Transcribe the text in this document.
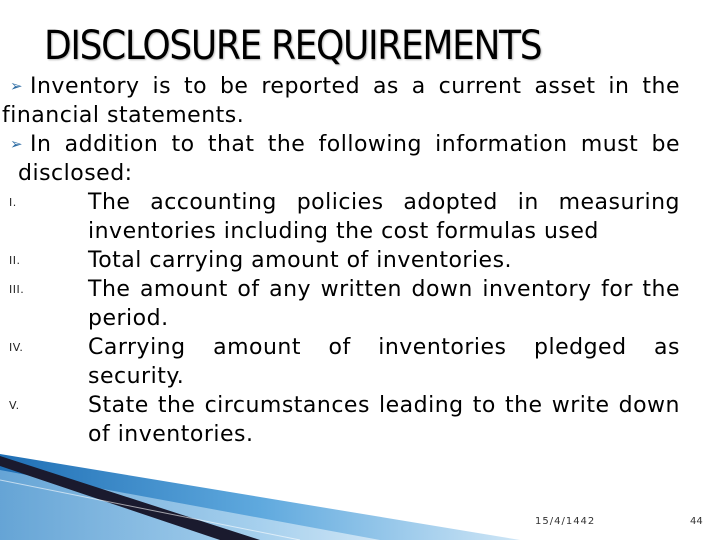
DISCLOSURE REQUIREMENTS
➢ Inventory is to be reported as a current asset in the financial statements.
➢ In addition to that the following information must be disclosed:
I.	The accounting policies adopted in measuring inventories including the cost formulas used
II.	Total carrying amount of inventories.
III.	The amount of any written down inventory for the period.
IV.	Carrying amount of inventories pledged as security.
V.	State the circumstances leading to the write down of inventories.
15/4/1442	44
